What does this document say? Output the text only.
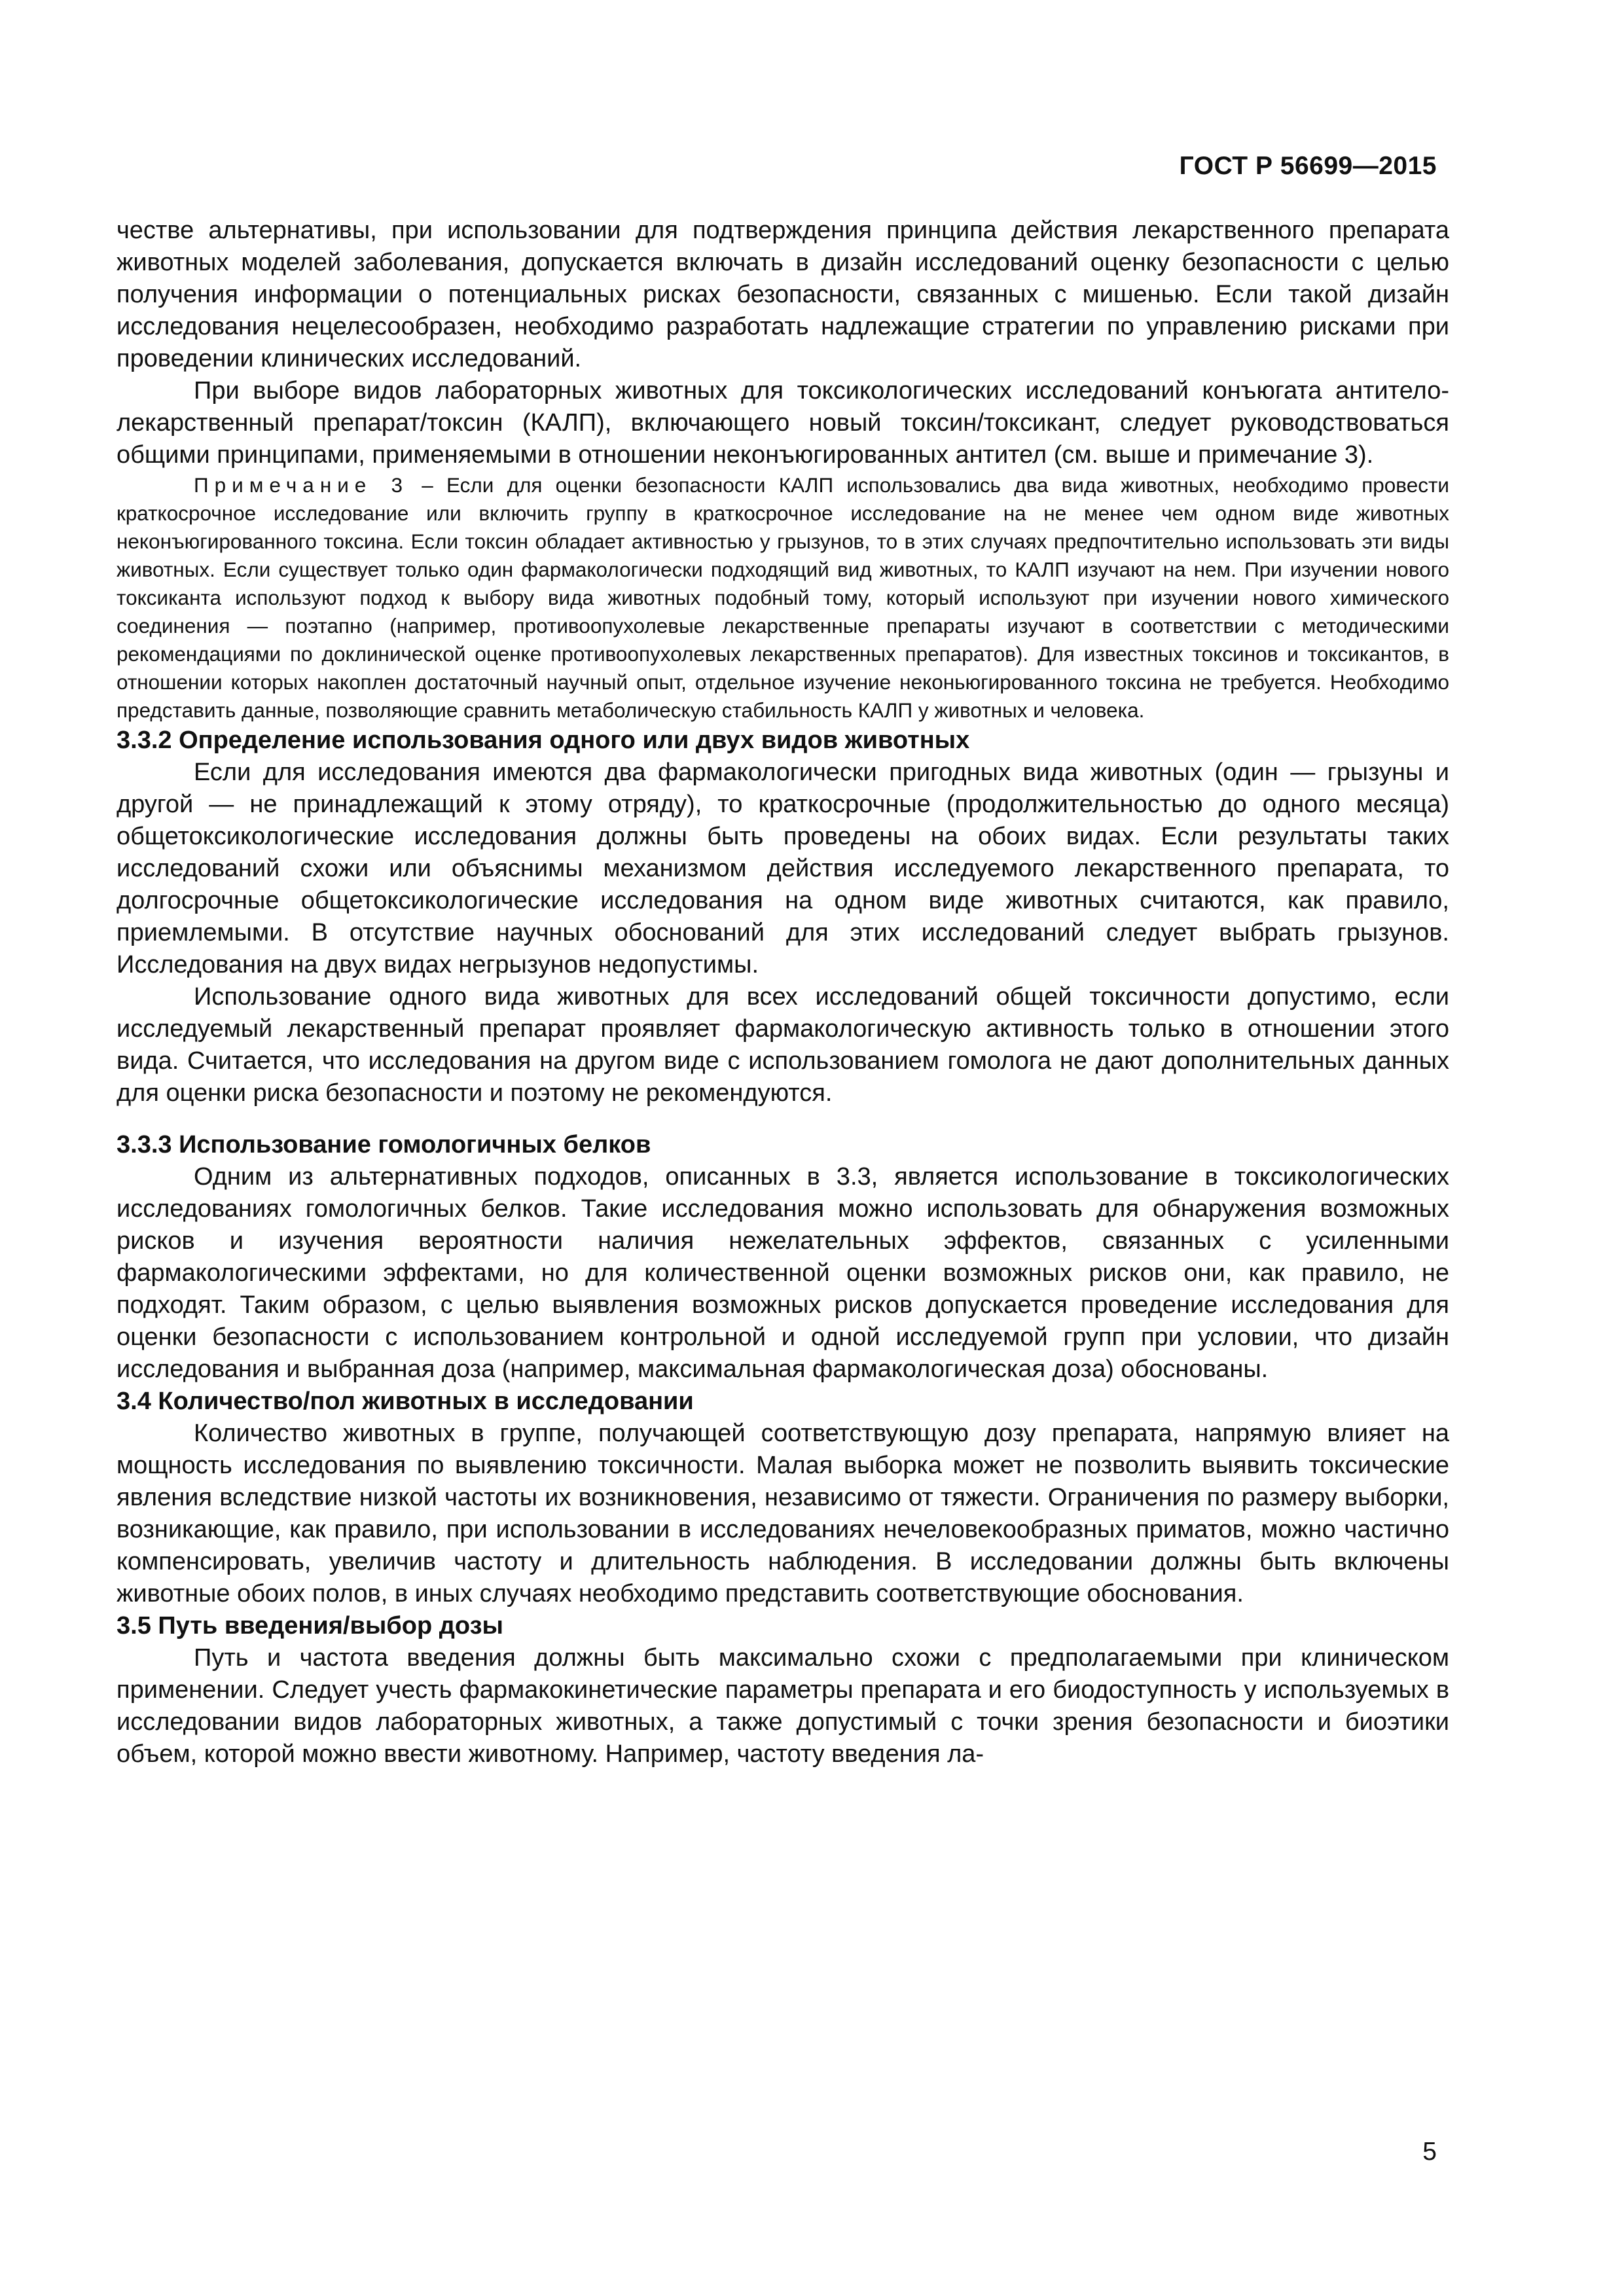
ГОСТ Р 56699—2015

честве альтернативы, при использовании для подтверждения принципа действия лекарственного препарата животных моделей заболевания, допускается включать в дизайн исследований оценку безопасности с целью получения информации о потенциальных рисках безопасности, связанных с мишенью. Если такой дизайн исследования нецелесообразен, необходимо разработать надлежащие стратегии по управлению рисками при проведении клинических исследований.

При выборе видов лабораторных животных для токсикологических исследований конъюгата антитело-лекарственный препарат/токсин (КАЛП), включающего новый токсин/токсикант, следует руководствоваться общими принципами, применяемыми в отношении неконъюгированных антител (см. выше и примечание 3).

Примечание 3 – Если для оценки безопасности КАЛП использовались два вида животных, необходимо провести краткосрочное исследование или включить группу в краткосрочное исследование на не менее чем одном виде животных неконъюгированного токсина. Если токсин обладает активностью у грызунов, то в этих случаях предпочтительно использовать эти виды животных. Если существует только один фармакологически подходящий вид животных, то КАЛП изучают на нем. При изучении нового токсиканта используют подход к выбору вида животных подобный тому, который используют при изучении нового химического соединения — поэтапно (например, противоопухолевые лекарственные препараты изучают в соответствии с методическими рекомендациями по доклинической оценке противоопухолевых лекарственных препаратов). Для известных токсинов и токсикантов, в отношении которых накоплен достаточный научный опыт, отдельное изучение неконьюгированного токсина не требуется. Необходимо представить данные, позволяющие сравнить метаболическую стабильность КАЛП у животных и человека.

3.3.2 Определение использования одного или двух видов животных

Если для исследования имеются два фармакологически пригодных вида животных (один — грызуны и другой — не принадлежащий к этому отряду), то краткосрочные (продолжительностью до одного месяца) общетоксикологические исследования должны быть проведены на обоих видах. Если результаты таких исследований схожи или объяснимы механизмом действия исследуемого лекарственного препарата, то долгосрочные общетоксикологические исследования на одном виде животных считаются, как правило, приемлемыми. В отсутствие научных обоснований для этих исследований следует выбрать грызунов. Исследования на двух видах негрызунов недопустимы.

Использование одного вида животных для всех исследований общей токсичности допустимо, если исследуемый лекарственный препарат проявляет фармакологическую активность только в отношении этого вида. Считается, что исследования на другом виде с использованием гомолога не дают дополнительных данных для оценки риска безопасности и поэтому не рекомендуются.

3.3.3 Использование гомологичных белков

Одним из альтернативных подходов, описанных в 3.3, является использование в токсикологических исследованиях гомологичных белков. Такие исследования можно использовать для обнаружения возможных рисков и изучения вероятности наличия нежелательных эффектов, связанных с усиленными фармакологическими эффектами, но для количественной оценки возможных рисков они, как правило, не подходят. Таким образом, с целью выявления возможных рисков допускается проведение исследования для оценки безопасности с использованием контрольной и одной исследуемой групп при условии, что дизайн исследования и выбранная доза (например, максимальная фармакологическая доза) обоснованы.

3.4 Количество/пол животных в исследовании

Количество животных в группе, получающей соответствующую дозу препарата, напрямую влияет на мощность исследования по выявлению токсичности. Малая выборка может не позволить выявить токсические явления вследствие низкой частоты их возникновения, независимо от тяжести. Ограничения по размеру выборки, возникающие, как правило, при использовании в исследованиях нечеловекообразных приматов, можно частично компенсировать, увеличив частоту и длительность наблюдения. В исследовании должны быть включены животные обоих полов, в иных случаях необходимо представить соответствующие обоснования.

3.5 Путь введения/выбор дозы

Путь и частота введения должны быть максимально схожи с предполагаемыми при клиническом применении. Следует учесть фармакокинетические параметры препарата и его биодоступность у используемых в исследовании видов лабораторных животных, а также допустимый с точки зрения безопасности и биоэтики объем, которой можно ввести животному. Например, частоту введения ла-

5
